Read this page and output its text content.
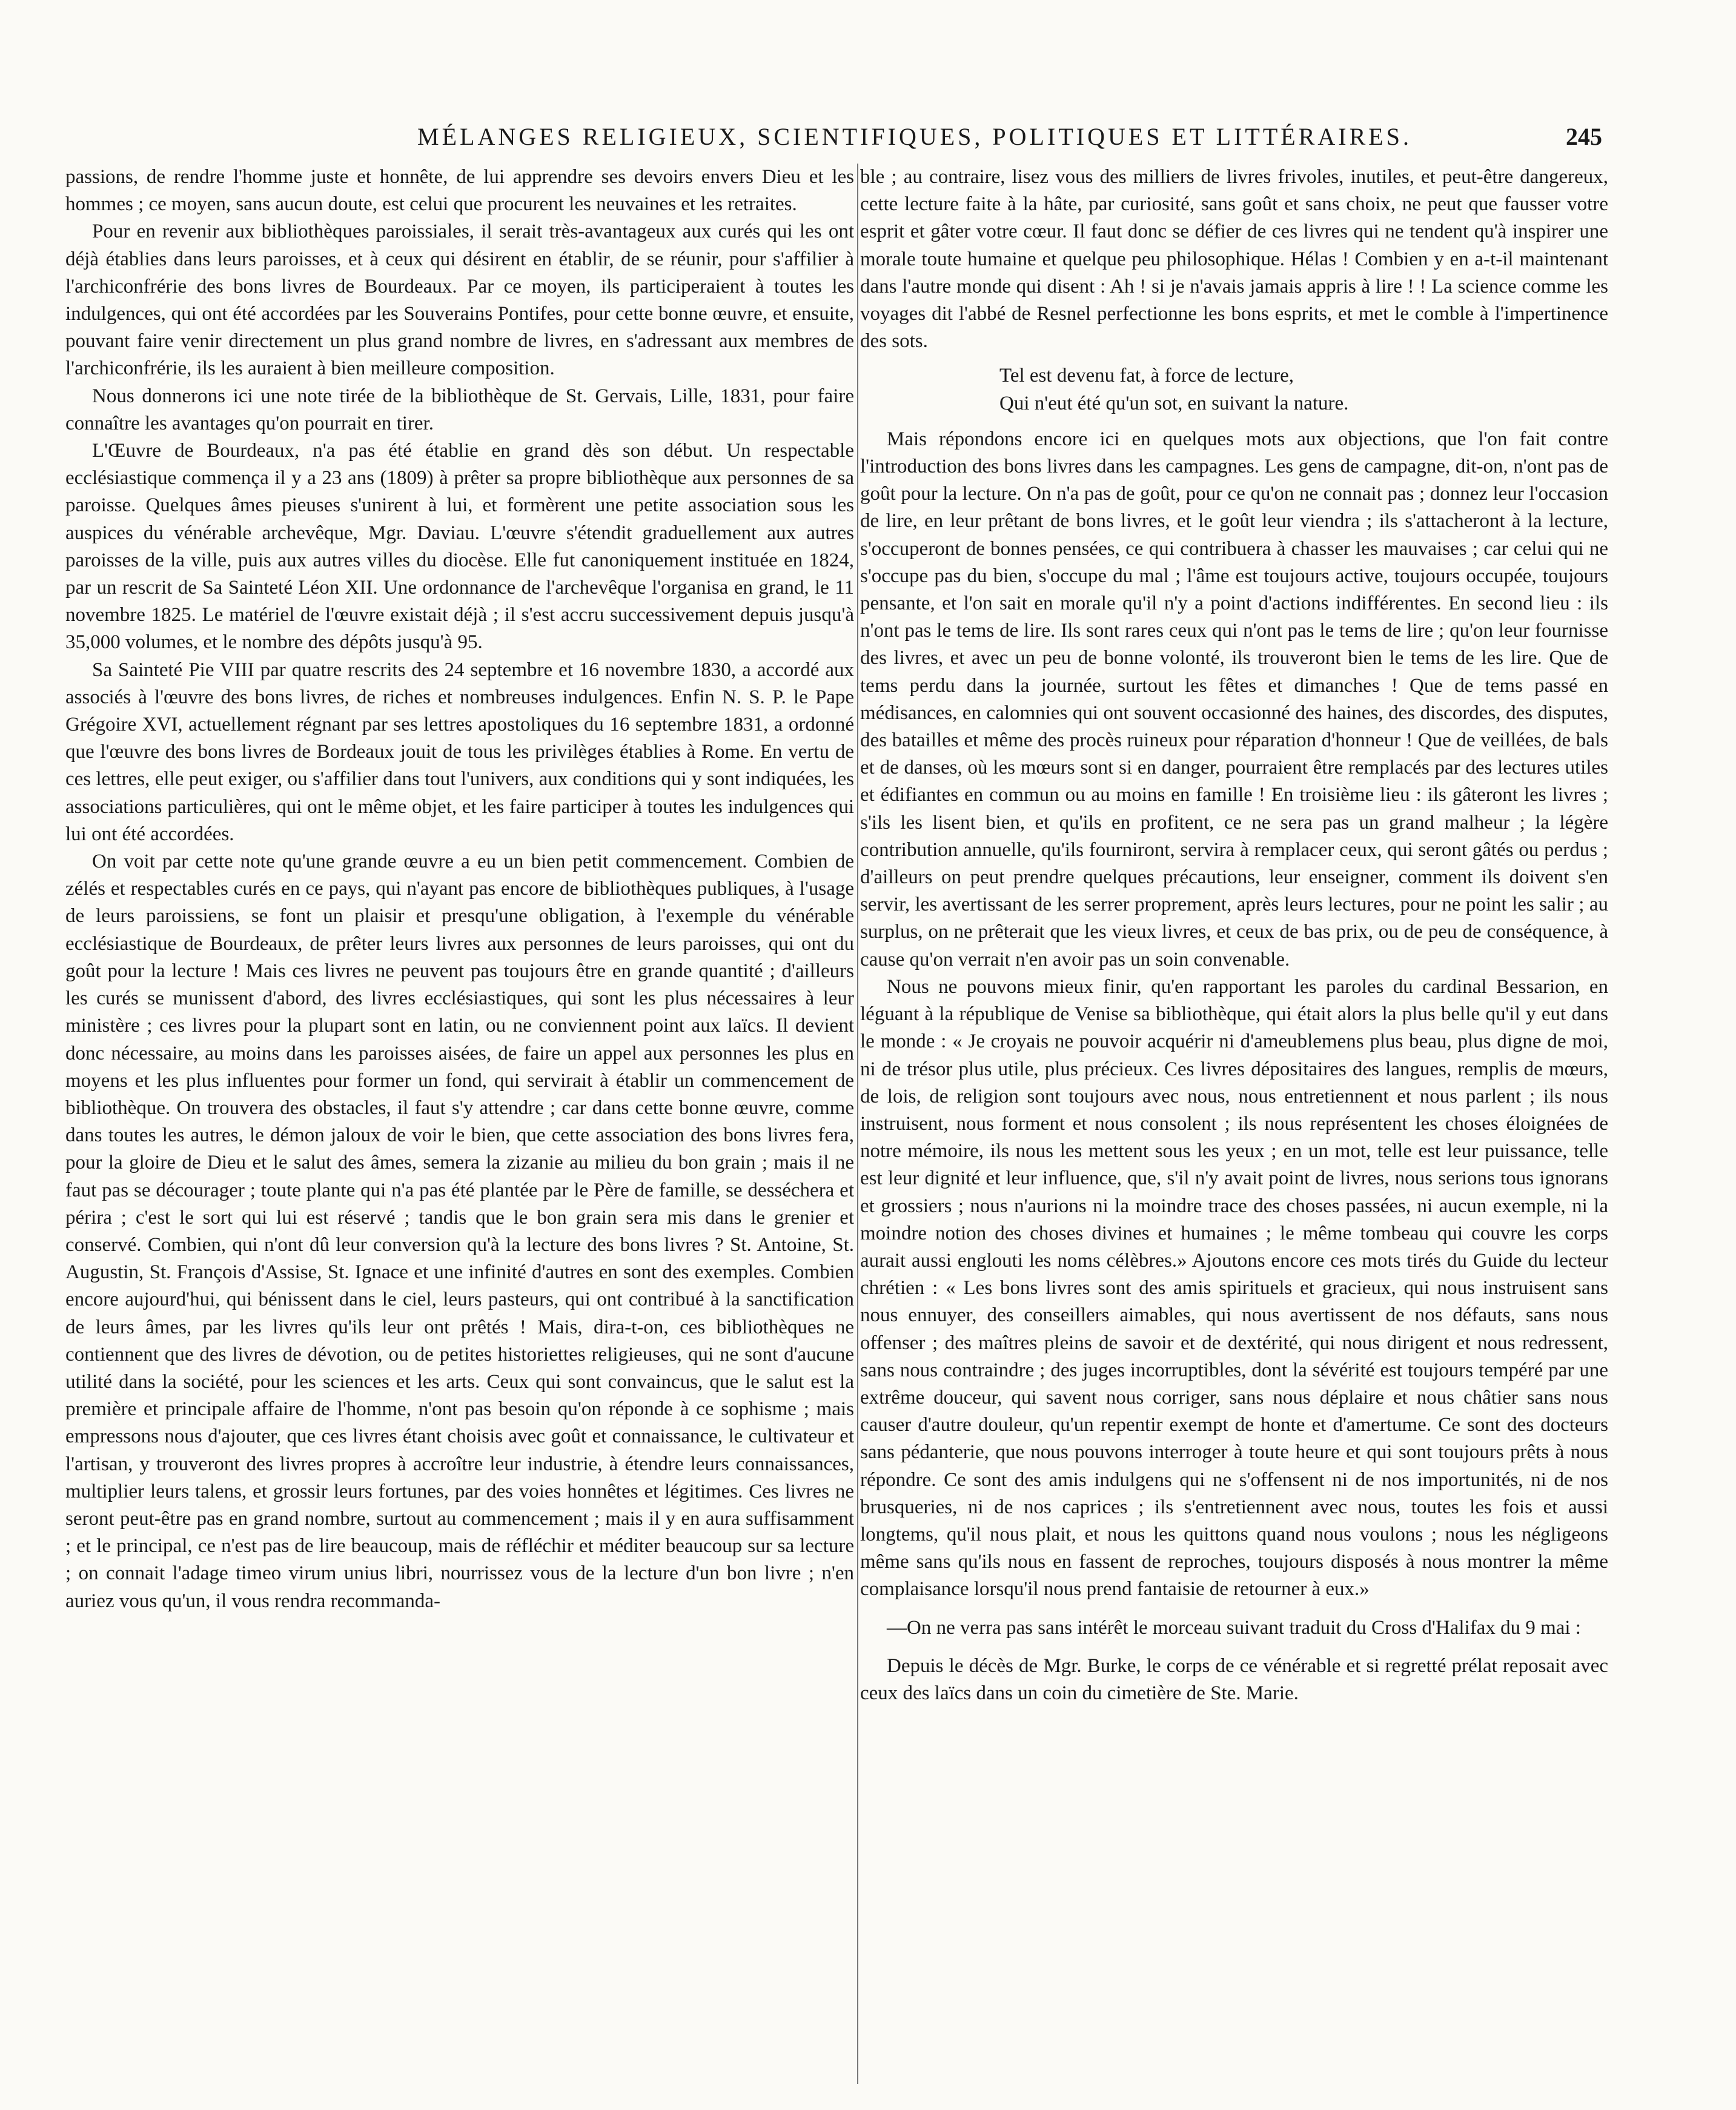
MÉLANGES RELIGIEUX, SCIENTIFIQUES, POLITIQUES ET LITTÉRAIRES.	245

passions, de rendre l'homme juste et honnête, de lui apprendre ses devoirs envers Dieu et les hommes ; ce moyen, sans aucun doute, est celui que procurent les neuvaines et les retraites.

Pour en revenir aux bibliothèques paroissiales, il serait très-avantageux aux curés qui les ont déjà établies dans leurs paroisses, et à ceux qui désirent en établir, de se réunir, pour s'affilier à l'archiconfrérie des bons livres de Bourdeaux. Par ce moyen, ils participeraient à toutes les indulgences, qui ont été accordées par les Souverains Pontifes, pour cette bonne œuvre, et ensuite, pouvant faire venir directement un plus grand nombre de livres, en s'adressant aux membres de l'archiconfrérie, ils les auraient à bien meilleure composition.

Nous donnerons ici une note tirée de la bibliothèque de St. Gervais, Lille, 1831, pour faire connaître les avantages qu'on pourrait en tirer.

L'Œuvre de Bourdeaux, n'a pas été établie en grand dès son début. Un respectable ecclésiastique commença il y a 23 ans (1809) à prêter sa propre bibliothèque aux personnes de sa paroisse. Quelques âmes pieuses s'unirent à lui, et formèrent une petite association sous les auspices du vénérable archevêque, Mgr. Daviau. L'œuvre s'étendit graduellement aux autres paroisses de la ville, puis aux autres villes du diocèse. Elle fut canoniquement instituée en 1824, par un rescrit de Sa Sainteté Léon XII. Une ordonnance de l'archevêque l'organisa en grand, le 11 novembre 1825. Le matériel de l'œuvre existait déjà ; il s'est accru successivement depuis jusqu'à 35,000 volumes, et le nombre des dépôts jusqu'à 95.

Sa Sainteté Pie VIII par quatre rescrits des 24 septembre et 16 novembre 1830, a accordé aux associés à l'œuvre des bons livres, de riches et nombreuses indulgences. Enfin N. S. P. le Pape Grégoire XVI, actuellement régnant par ses lettres apostoliques du 16 septembre 1831, a ordonné que l'œuvre des bons livres de Bordeaux jouit de tous les privilèges établies à Rome. En vertu de ces lettres, elle peut exiger, ou s'affilier dans tout l'univers, aux conditions qui y sont indiquées, les associations particulières, qui ont le même objet, et les faire participer à toutes les indulgences qui lui ont été accordées.

On voit par cette note qu'une grande œuvre a eu un bien petit commencement. Combien de zélés et respectables curés en ce pays, qui n'ayant pas encore de bibliothèques publiques, à l'usage de leurs paroissiens, se font un plaisir et presqu'une obligation, à l'exemple du vénérable ecclésiastique de Bourdeaux, de prêter leurs livres aux personnes de leurs paroisses, qui ont du goût pour la lecture ! Mais ces livres ne peuvent pas toujours être en grande quantité ; d'ailleurs les curés se munissent d'abord, des livres ecclésiastiques, qui sont les plus nécessaires à leur ministère ; ces livres pour la plupart sont en latin, ou ne conviennent point aux laïcs. Il devient donc nécessaire, au moins dans les paroisses aisées, de faire un appel aux personnes les plus en moyens et les plus influentes pour former un fond, qui servirait à établir un commencement de bibliothèque. On trouvera des obstacles, il faut s'y attendre ; car dans cette bonne œuvre, comme dans toutes les autres, le démon jaloux de voir le bien, que cette association des bons livres fera, pour la gloire de Dieu et le salut des âmes, semera la zizanie au milieu du bon grain ; mais il ne faut pas se décourager ; toute plante qui n'a pas été plantée par le Père de famille, se desséchera et périra ; c'est le sort qui lui est réservé ; tandis que le bon grain sera mis dans le grenier et conservé. Combien, qui n'ont dû leur conversion qu'à la lecture des bons livres ? St. Antoine, St. Augustin, St. François d'Assise, St. Ignace et une infinité d'autres en sont des exemples. Combien encore aujourd'hui, qui bénissent dans le ciel, leurs pasteurs, qui ont contribué à la sanctification de leurs âmes, par les livres qu'ils leur ont prêtés ! Mais, dira-t-on, ces bibliothèques ne contiennent que des livres de dévotion, ou de petites historiettes religieuses, qui ne sont d'aucune utilité dans la société, pour les sciences et les arts. Ceux qui sont convaincus, que le salut est la première et principale affaire de l'homme, n'ont pas besoin qu'on réponde à ce sophisme ; mais empressons nous d'ajouter, que ces livres étant choisis avec goût et connaissance, le cultivateur et l'artisan, y trouveront des livres propres à accroître leur industrie, à étendre leurs connaissances, multiplier leurs talens, et grossir leurs fortunes, par des voies honnêtes et légitimes. Ces livres ne seront peut-être pas en grand nombre, surtout au commencement ; mais il y en aura suffisamment ; et le principal, ce n'est pas de lire beaucoup, mais de réfléchir et méditer beaucoup sur sa lecture ; on connait l'adage timeo virum unius libri, nourrissez vous de la lecture d'un bon livre ; n'en auriez vous qu'un, il vous rendra recommanda-

ble ; au contraire, lisez vous des milliers de livres frivoles, inutiles, et peut-être dangereux, cette lecture faite à la hâte, par curiosité, sans goût et sans choix, ne peut que fausser votre esprit et gâter votre cœur. Il faut donc se défier de ces livres qui ne tendent qu'à inspirer une morale toute humaine et quelque peu philosophique. Hélas ! Combien y en a-t-il maintenant dans l'autre monde qui disent : Ah ! si je n'avais jamais appris à lire ! ! La science comme les voyages dit l'abbé de Resnel perfectionne les bons esprits, et met le comble à l'impertinence des sots.

Tel est devenu fat, à force de lecture,
Qui n'eut été qu'un sot, en suivant la nature.

Mais répondons encore ici en quelques mots aux objections, que l'on fait contre l'introduction des bons livres dans les campagnes. Les gens de campagne, dit-on, n'ont pas de goût pour la lecture. On n'a pas de goût, pour ce qu'on ne connait pas ; donnez leur l'occasion de lire, en leur prêtant de bons livres, et le goût leur viendra ; ils s'attacheront à la lecture, s'occuperont de bonnes pensées, ce qui contribuera à chasser les mauvaises ; car celui qui ne s'occupe pas du bien, s'occupe du mal ; l'âme est toujours active, toujours occupée, toujours pensante, et l'on sait en morale qu'il n'y a point d'actions indifférentes. En second lieu : ils n'ont pas le tems de lire. Ils sont rares ceux qui n'ont pas le tems de lire ; qu'on leur fournisse des livres, et avec un peu de bonne volonté, ils trouveront bien le tems de les lire. Que de tems perdu dans la journée, surtout les fêtes et dimanches ! Que de tems passé en médisances, en calomnies qui ont souvent occasionné des haines, des discordes, des disputes, des batailles et même des procès ruineux pour réparation d'honneur ! Que de veillées, de bals et de danses, où les mœurs sont si en danger, pourraient être remplacés par des lectures utiles et édifiantes en commun ou au moins en famille ! En troisième lieu : ils gâteront les livres ; s'ils les lisent bien, et qu'ils en profitent, ce ne sera pas un grand malheur ; la légère contribution annuelle, qu'ils fourniront, servira à remplacer ceux, qui seront gâtés ou perdus ; d'ailleurs on peut prendre quelques précautions, leur enseigner, comment ils doivent s'en servir, les avertissant de les serrer proprement, après leurs lectures, pour ne point les salir ; au surplus, on ne prêterait que les vieux livres, et ceux de bas prix, ou de peu de conséquence, à cause qu'on verrait n'en avoir pas un soin convenable.

Nous ne pouvons mieux finir, qu'en rapportant les paroles du cardinal Bessarion, en léguant à la république de Venise sa bibliothèque, qui était alors la plus belle qu'il y eut dans le monde : « Je croyais ne pouvoir acquérir ni d'ameublemens plus beau, plus digne de moi, ni de trésor plus utile, plus précieux. Ces livres dépositaires des langues, remplis de mœurs, de lois, de religion sont toujours avec nous, nous entretiennent et nous parlent ; ils nous instruisent, nous forment et nous consolent ; ils nous représentent les choses éloignées de notre mémoire, ils nous les mettent sous les yeux ; en un mot, telle est leur puissance, telle est leur dignité et leur influence, que, s'il n'y avait point de livres, nous serions tous ignorans et grossiers ; nous n'aurions ni la moindre trace des choses passées, ni aucun exemple, ni la moindre notion des choses divines et humaines ; le même tombeau qui couvre les corps aurait aussi englouti les noms célèbres.» Ajoutons encore ces mots tirés du Guide du lecteur chrétien : « Les bons livres sont des amis spirituels et gracieux, qui nous instruisent sans nous ennuyer, des conseillers aimables, qui nous avertissent de nos défauts, sans nous offenser ; des maîtres pleins de savoir et de dextérité, qui nous dirigent et nous redressent, sans nous contraindre ; des juges incorruptibles, dont la sévérité est toujours tempéré par une extrême douceur, qui savent nous corriger, sans nous déplaire et nous châtier sans nous causer d'autre douleur, qu'un repentir exempt de honte et d'amertume. Ce sont des docteurs sans pédanterie, que nous pouvons interroger à toute heure et qui sont toujours prêts à nous répondre. Ce sont des amis indulgens qui ne s'offensent ni de nos importunités, ni de nos brusqueries, ni de nos caprices ; ils s'entretiennent avec nous, toutes les fois et aussi longtems, qu'il nous plait, et nous les quittons quand nous voulons ; nous les négligeons même sans qu'ils nous en fassent de reproches, toujours disposés à nous montrer la même complaisance lorsqu'il nous prend fantaisie de retourner à eux.»

—On ne verra pas sans intérêt le morceau suivant traduit du Cross d'Halifax du 9 mai :

Depuis le décès de Mgr. Burke, le corps de ce vénérable et si regretté prélat reposait avec ceux des laïcs dans un coin du cimetière de Ste. Marie.
